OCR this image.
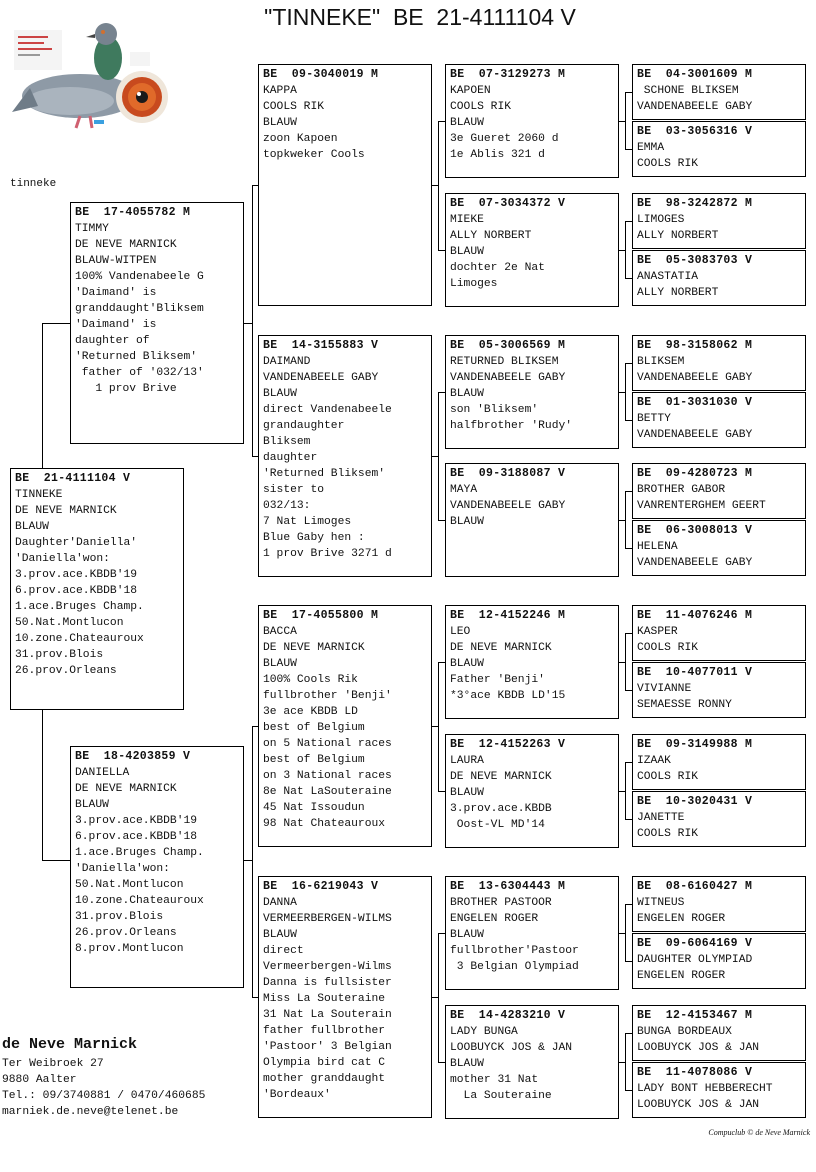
"TINNEKE"  BE  21-4111104 V
tinneke
BE  21-4111104 V
TINNEKE
DE NEVE MARNICK
BLAUW
Daughter'Daniella'
'Daniella'won:
3.prov.ace.KBDB'19
6.prov.ace.KBDB'18
1.ace.Bruges Champ.
50.Nat.Montlucon
10.zone.Chateauroux
31.prov.Blois
26.prov.Orleans
BE  17-4055782 M
TIMMY
DE NEVE MARNICK
BLAUW-WITPEN
100% Vandenabeele G
'Daimand' is
granddaught'Bliksem
'Daimand' is
daughter of
'Returned Bliksem'
father of '032/13'
1 prov Brive
BE  18-4203859 V
DANIELLA
DE NEVE MARNICK
BLAUW
3.prov.ace.KBDB'19
6.prov.ace.KBDB'18
1.ace.Bruges Champ.
'Daniella'won:
50.Nat.Montlucon
10.zone.Chateauroux
31.prov.Blois
26.prov.Orleans
8.prov.Montlucon
BE  09-3040019 M
KAPPA
COOLS RIK
BLAUW
zoon Kapoen
topkweker Cools
BE  14-3155883 V
DAIMAND
VANDENABEELE GABY
BLAUW
direct Vandenabeele
grandaughter
Bliksem
daughter
'Returned Bliksem'
sister to
032/13:
7 Nat Limoges
Blue Gaby hen :
1 prov Brive 3271 d
BE  17-4055800 M
BACCA
DE NEVE MARNICK
BLAUW
100% Cools Rik
fullbrother 'Benji'
3e ace KBDB LD
best of Belgium
on 5 National races
best of Belgium
on 3 National races
8e Nat LaSouteraine
45 Nat Issoudun
98 Nat Chateauroux
BE  16-6219043 V
DANNA
VERMEERBERGEN-WILMS
BLAUW
direct
Vermeerbergen-Wilms
Danna is fullsister
Miss La Souteraine
31 Nat La Souterain
father fullbrother
'Pastoor' 3 Belgian
Olympia bird cat C
mother granddaught
'Bordeaux'
BE  07-3129273 M
KAPOEN
COOLS RIK
BLAUW
3e Gueret 2060 d
1e Ablis 321 d
BE  07-3034372 V
MIEKE
ALLY NORBERT
BLAUW
dochter 2e Nat
Limoges
BE  05-3006569 M
RETURNED BLIKSEM
VANDENABEELE GABY
BLAUW
son 'Bliksem'
halfbrother 'Rudy'
BE  09-3188087 V
MAYA
VANDENABEELE GABY
BLAUW
BE  12-4152246 M
LEO
DE NEVE MARNICK
BLAUW
Father 'Benji'
*3°ace KBDB LD'15
BE  12-4152263 V
LAURA
DE NEVE MARNICK
BLAUW
3.prov.ace.KBDB
Oost-VL MD'14
BE  13-6304443 M
BROTHER PASTOOR
ENGELEN ROGER
BLAUW
fullbrother'Pastoor
3 Belgian Olympiad
BE  14-4283210 V
LADY BUNGA
LOOBUYCK JOS & JAN
BLAUW
mother 31 Nat
La Souteraine
BE  04-3001609 M
SCHONE BLIKSEM
VANDENABEELE GABY
BE  03-3056316 V
EMMA
COOLS RIK
BE  98-3242872 M
LIMOGES
ALLY NORBERT
BE  05-3083703 V
ANASTATIA
ALLY NORBERT
BE  98-3158062 M
BLIKSEM
VANDENABEELE GABY
BE  01-3031030 V
BETTY
VANDENABEELE GABY
BE  09-4280723 M
BROTHER GABOR
VANRENTERGHEM GEERT
BE  06-3008013 V
HELENA
VANDENABEELE GABY
BE  11-4076246 M
KASPER
COOLS RIK
BE  10-4077011 V
VIVIANNE
SEMAESSE RONNY
BE  09-3149988 M
IZAAK
COOLS RIK
BE  10-3020431 V
JANETTE
COOLS RIK
BE  08-6160427 M
WITNEUS
ENGELEN ROGER
BE  09-6064169 V
DAUGHTER OLYMPIAD
ENGELEN ROGER
BE  12-4153467 M
BUNGA BORDEAUX
LOOBUYCK JOS & JAN
BE  11-4078086 V
LADY BONT HEBBERECHT
LOOBUYCK JOS & JAN
de Neve Marnick
Ter Weibroek 27
9880 Aalter
Tel.: 09/3740881 / 0470/460685
marniek.de.neve@telenet.be
Compuclub © de Neve Marnick
